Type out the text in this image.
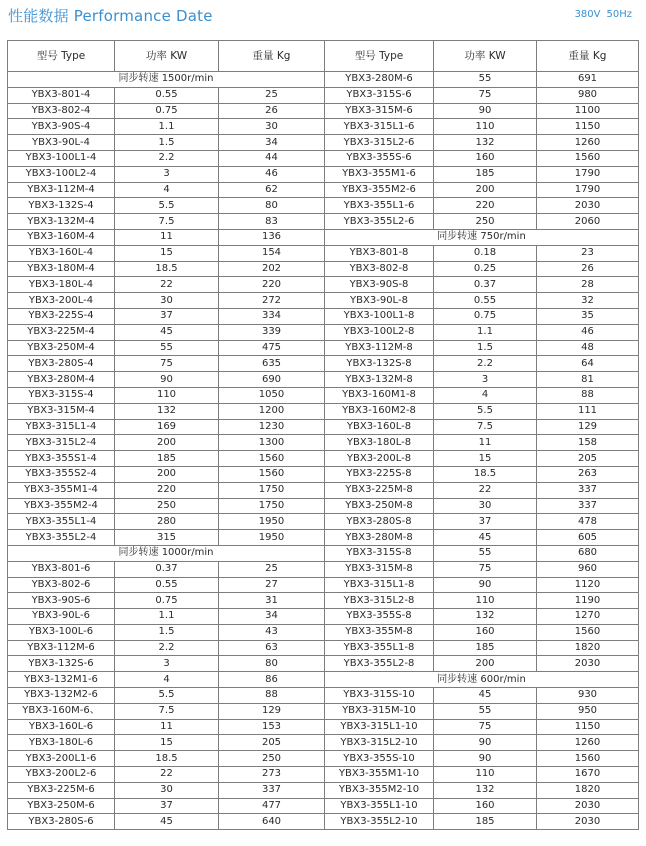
性能数据 Performance Date	380V 50Hz
型号 Type	功率 KW	重量 Kg	型号 Type	功率 KW	重量 Kg
同步转速 1500r/min			YBX3-280M-6	55	691
YBX3-801-4	0.55	25	YBX3-315S-6	75	980
YBX3-802-4	0.75	26	YBX3-315M-6	90	1100
YBX3-90S-4	1.1	30	YBX3-315L1-6	110	1150
YBX3-90L-4	1.5	34	YBX3-315L2-6	132	1260
YBX3-100L1-4	2.2	44	YBX3-355S-6	160	1560
YBX3-100L2-4	3	46	YBX3-355M1-6	185	1790
YBX3-112M-4	4	62	YBX3-355M2-6	200	1790
YBX3-132S-4	5.5	80	YBX3-355L1-6	220	2030
YBX3-132M-4	7.5	83	YBX3-355L2-6	250	2060
YBX3-160M-4	11	136	同步转速 750r/min		
YBX3-160L-4	15	154	YBX3-801-8	0.18	23
YBX3-180M-4	18.5	202	YBX3-802-8	0.25	26
YBX3-180L-4	22	220	YBX3-90S-8	0.37	28
YBX3-200L-4	30	272	YBX3-90L-8	0.55	32
YBX3-225S-4	37	334	YBX3-100L1-8	0.75	35
YBX3-225M-4	45	339	YBX3-100L2-8	1.1	46
YBX3-250M-4	55	475	YBX3-112M-8	1.5	48
YBX3-280S-4	75	635	YBX3-132S-8	2.2	64
YBX3-280M-4	90	690	YBX3-132M-8	3	81
YBX3-315S-4	110	1050	YBX3-160M1-8	4	88
YBX3-315M-4	132	1200	YBX3-160M2-8	5.5	111
YBX3-315L1-4	169	1230	YBX3-160L-8	7.5	129
YBX3-315L2-4	200	1300	YBX3-180L-8	11	158
YBX3-355S1-4	185	1560	YBX3-200L-8	15	205
YBX3-355S2-4	200	1560	YBX3-225S-8	18.5	263
YBX3-355M1-4	220	1750	YBX3-225M-8	22	337
YBX3-355M2-4	250	1750	YBX3-250M-8	30	337
YBX3-355L1-4	280	1950	YBX3-280S-8	37	478
YBX3-355L2-4	315	1950	YBX3-280M-8	45	605
同步转速 1000r/min			YBX3-315S-8	55	680
YBX3-801-6	0.37	25	YBX3-315M-8	75	960
YBX3-802-6	0.55	27	YBX3-315L1-8	90	1120
YBX3-90S-6	0.75	31	YBX3-315L2-8	110	1190
YBX3-90L-6	1.1	34	YBX3-355S-8	132	1270
YBX3-100L-6	1.5	43	YBX3-355M-8	160	1560
YBX3-112M-6	2.2	63	YBX3-355L1-8	185	1820
YBX3-132S-6	3	80	YBX3-355L2-8	200	2030
YBX3-132M1-6	4	86	同步转速 600r/min		
YBX3-132M2-6	5.5	88	YBX3-315S-10	45	930
YBX3-160M-6、	7.5	129	YBX3-315M-10	55	950
YBX3-160L-6	11	153	YBX3-315L1-10	75	1150
YBX3-180L-6	15	205	YBX3-315L2-10	90	1260
YBX3-200L1-6	18.5	250	YBX3-355S-10	90	1560
YBX3-200L2-6	22	273	YBX3-355M1-10	110	1670
YBX3-225M-6	30	337	YBX3-355M2-10	132	1820
YBX3-250M-6	37	477	YBX3-355L1-10	160	2030
YBX3-280S-6	45	640	YBX3-355L2-10	185	2030
